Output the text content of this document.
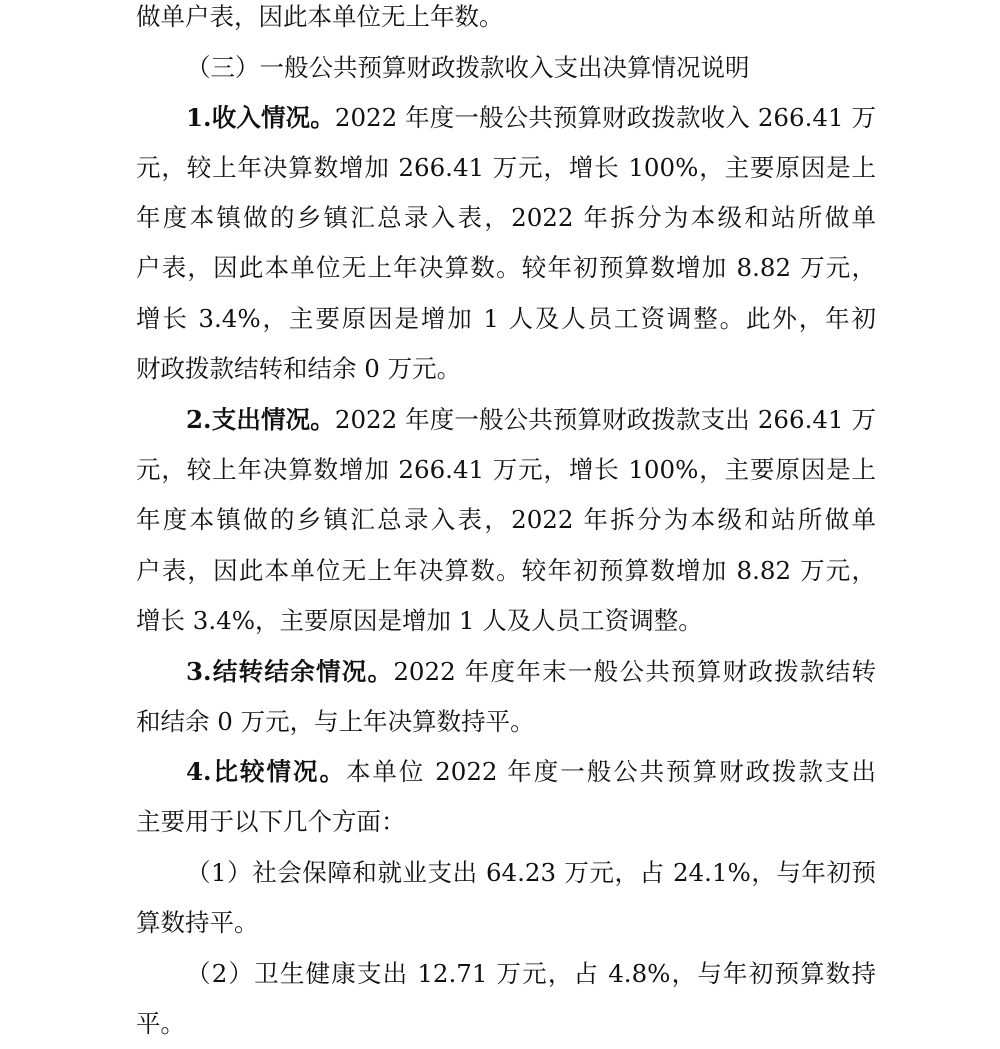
做单户表，因此本单位无上年数。
（三）一般公共预算财政拨款收入支出决算情况说明
1.收入情况。2022 年度一般公共预算财政拨款收入 266.41 万
元，较上年决算数增加 266.41 万元，增长 100%，主要原因是上
年度本镇做的乡镇汇总录入表，2022 年拆分为本级和站所做单
户表，因此本单位无上年决算数。较年初预算数增加 8.82 万元，
增长 3.4%，主要原因是增加 1 人及人员工资调整。此外，年初
财政拨款结转和结余 0 万元。
2.支出情况。2022 年度一般公共预算财政拨款支出 266.41 万
元，较上年决算数增加 266.41 万元，增长 100%，主要原因是上
年度本镇做的乡镇汇总录入表，2022 年拆分为本级和站所做单
户表，因此本单位无上年决算数。较年初预算数增加 8.82 万元，
增长 3.4%，主要原因是增加 1 人及人员工资调整。
3.结转结余情况。2022 年度年末一般公共预算财政拨款结转
和结余 0 万元，与上年决算数持平。
4.比较情况。本单位 2022 年度一般公共预算财政拨款支出
主要用于以下几个方面：
（1）社会保障和就业支出 64.23 万元，占 24.1%，与年初预
算数持平。
（2）卫生健康支出 12.71 万元，占 4.8%，与年初预算数持
平。
